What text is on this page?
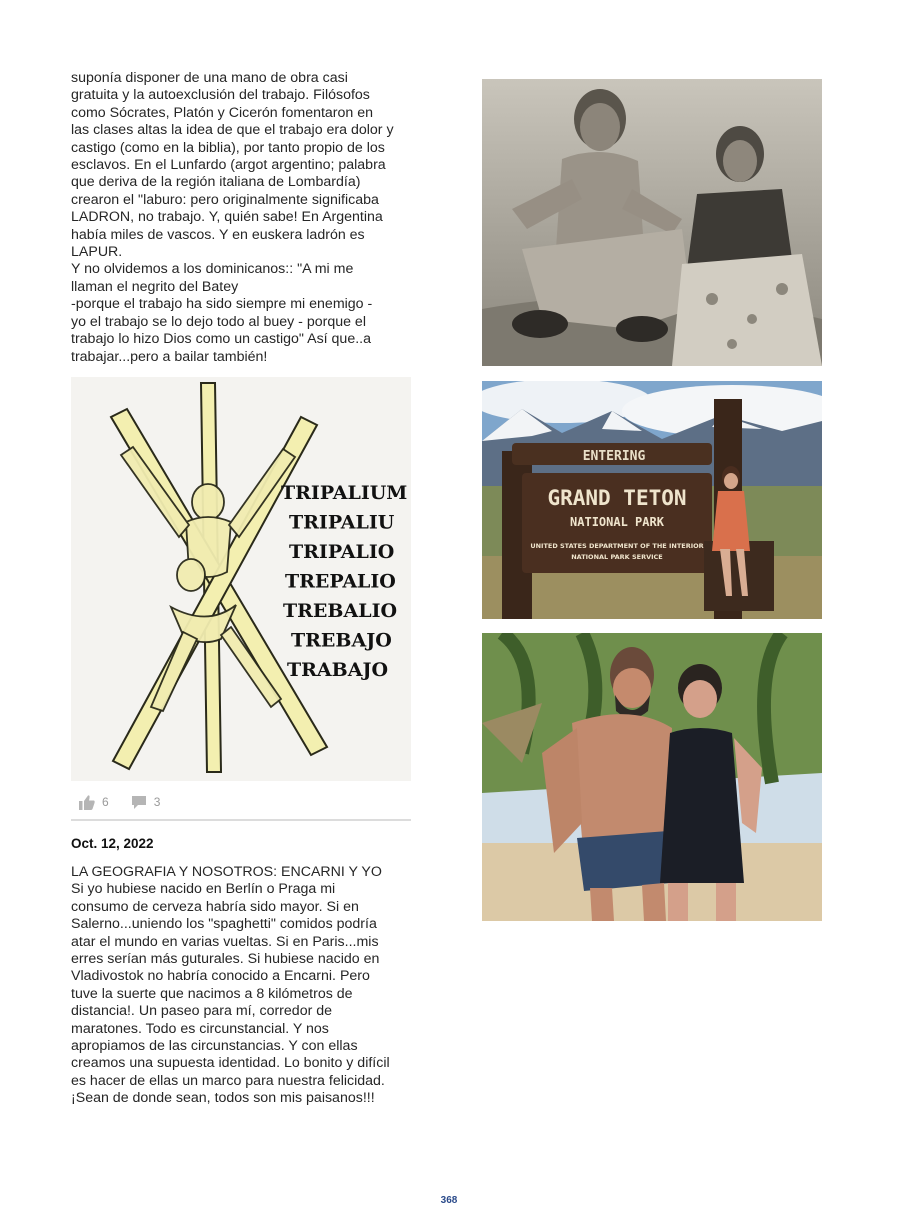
suponía disponer de una mano de obra casi
gratuita y la autoexclusión del trabajo. Filósofos
como Sócrates, Platón y Cicerón fomentaron en
las clases altas la idea de que el trabajo era dolor y
castigo (como en la biblia), por tanto propio de los
esclavos. En el Lunfardo (argot argentino; palabra
que deriva de la región italiana de Lombardía)
crearon el "laburo: pero originalmente significaba
LADRON, no trabajo. Y, quién sabe! En Argentina
había miles de vascos. Y en euskera ladrón es
LAPUR.
Y no olvidemos a los dominicanos:: "A mi me
llaman el negrito del Batey
-porque el trabajo ha sido siempre mi enemigo -
yo el trabajo se lo dejo todo al buey - porque el
trabajo lo hizo Dios como un castigo" Así que..a
trabajar...pero a bailar también!

TRIPALIUM
TRIPALIU
TRIPALIO
TREPALIO
TREBALIO
TREBAJO
TRABAJO
6	3
Oct. 12, 2022

LA GEOGRAFIA Y NOSOTROS: ENCARNI Y YO
Si yo hubiese nacido en Berlín o Praga mi
consumo de cerveza habría sido mayor. Si en
Salerno...uniendo los "spaghetti" comidos podría
atar el mundo en varias vueltas. Si en Paris...mis
erres serían más guturales. Si hubiese nacido en
Vladivostok no habría conocido a Encarni. Pero
tuve la suerte que nacimos a 8 kilómetros de
distancia!. Un paseo para mí, corredor de
maratones. Todo es circunstancial. Y nos
apropiamos de las circunstancias. Y con ellas
creamos una supuesta identidad. Lo bonito y difícil
es hacer de ellas un marco para nuestra felicidad.
¡Sean de donde sean, todos son mis paisanos!!!

ENTERING
GRAND TETON
NATIONAL PARK
UNITED STATES DEPARTMENT OF THE INTERIOR
NATIONAL PARK SERVICE
368
